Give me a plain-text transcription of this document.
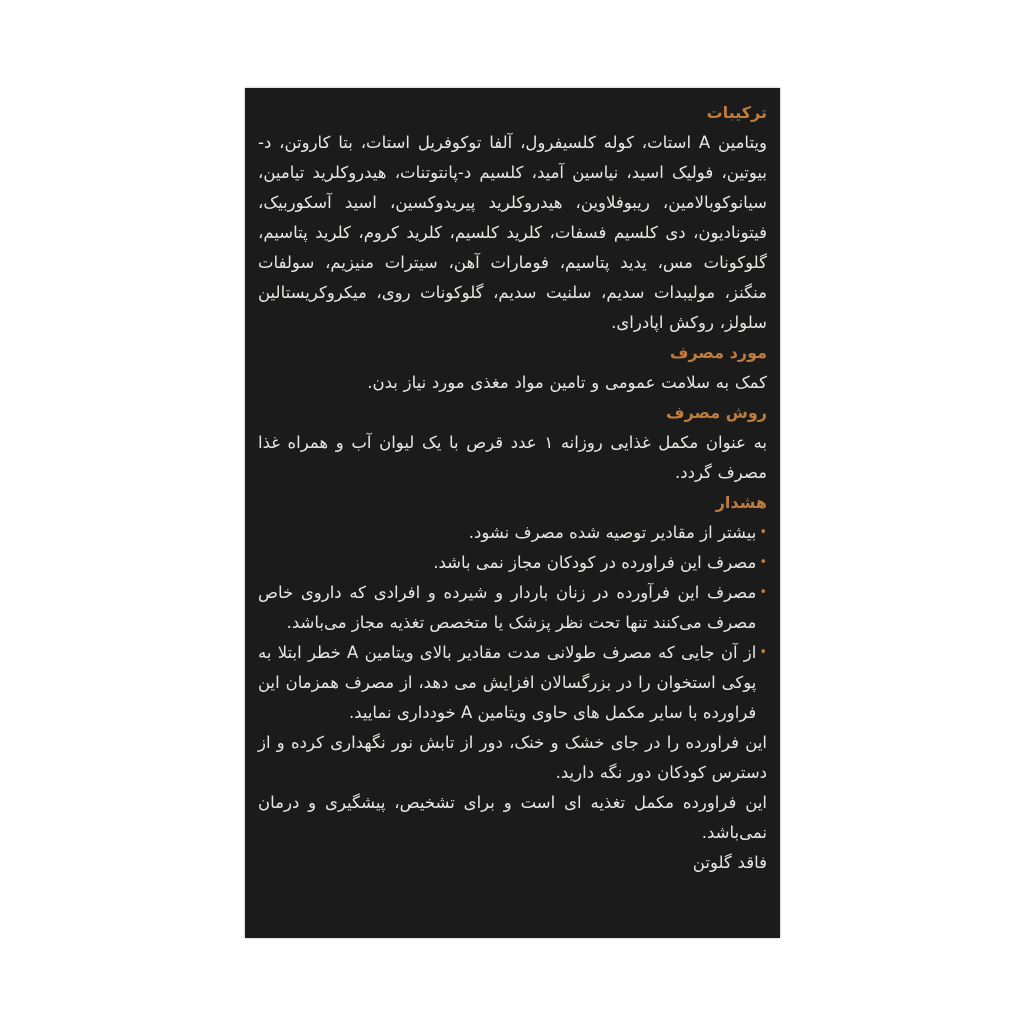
ترکیبات

ویتامین A استات، کوله کلسیفرول، آلفا توکوفریل استات، بتا کاروتن، د-بیوتین، فولیک اسید، نیاسین آمید، کلسیم د-پانتوتنات، هیدروکلرید تیامین، سیانوکوبالامین، ریبوفلاوین، هیدروکلرید پیریدوکسین، اسید آسکوربیک، فیتونادیون، دی کلسیم فسفات، کلرید کلسیم، کلرید کروم، کلرید پتاسیم، گلوکونات مس، یدید پتاسیم، فومارات آهن، سیترات منیزیم، سولفات منگنز، مولیبدات سدیم، سلنیت سدیم، گلوکونات روی، میکروکریستالین سلولز، روکش اپادرای.

مورد مصرف

کمک به سلامت عمومی و تامین مواد مغذی مورد نیاز بدن.

روش مصرف

به عنوان مکمل غذایی روزانه ۱ عدد قرص با یک لیوان آب و همراه غذا مصرف گردد.

هشدار
•
بیشتر از مقادیر توصیه شده مصرف نشود.
•
مصرف این فراورده در کودکان مجاز نمی باشد.
•
مصرف این فرآورده در زنان باردار و شیرده و افرادی که داروی خاص مصرف می‌کنند تنها تحت نظر پزشک یا متخصص تغذیه مجاز می‌باشد.
•
از آن جایی که مصرف طولانی مدت مقادیر بالای ویتامین A خطر ابتلا به پوکی استخوان را در بزرگسالان افزایش می دهد، از مصرف همزمان این فراورده با سایر مکمل های حاوی ویتامین A خودداری نمایید.

این فراورده را در جای خشک و خنک، دور از تابش نور نگهداری کرده و از دسترس کودکان دور نگه دارید.

این فراورده مکمل تغذیه ای است و برای تشخیص، پیشگیری و درمان نمی‌باشد.

فاقد گلوتن
